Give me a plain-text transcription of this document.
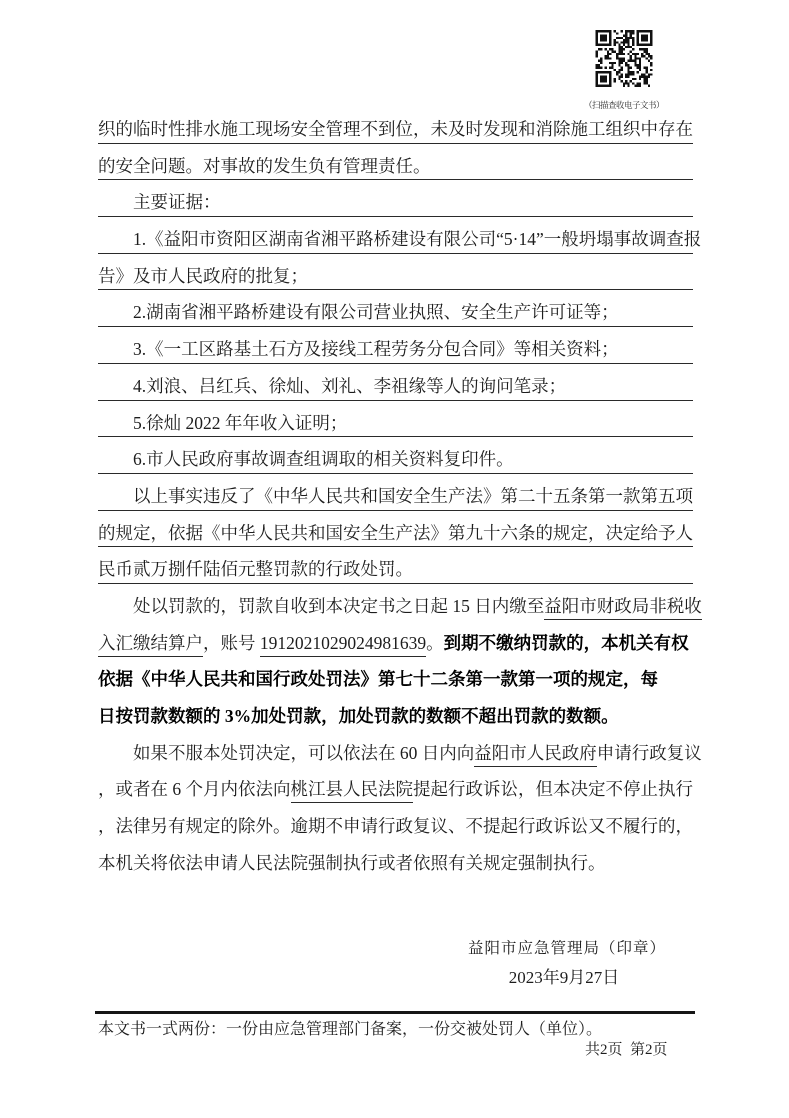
（扫描查收电子文书）
织的临时性排水施工现场安全管理不到位，未及时发现和消除施工组织中存在
的安全问题。对事故的发生负有管理责任。
主要证据：
1.《益阳市资阳区湖南省湘平路桥建设有限公司“5·14”一般坍塌事故调查报
告》及市人民政府的批复；
2.湖南省湘平路桥建设有限公司营业执照、安全生产许可证等；
3.《一工区路基土石方及接线工程劳务分包合同》等相关资料；
4.刘浪、吕红兵、徐灿、刘礼、李祖缘等人的询问笔录；
5.徐灿 2022 年年收入证明；
6.市人民政府事故调查组调取的相关资料复印件。
以上事实违反了《中华人民共和国安全生产法》第二十五条第一款第五项
的规定，依据《中华人民共和国安全生产法》第九十六条的规定，决定给予人
民币贰万捌仟陆佰元整罚款的行政处罚。
处以罚款的，罚款自收到本决定书之日起 15 日内缴至益阳市财政局非税收
入汇缴结算户，账号 1912021029024981639。到期不缴纳罚款的，本机关有权
依据《中华人民共和国行政处罚法》第七十二条第一款第一项的规定，每
日按罚款数额的 3%加处罚款，加处罚款的数额不超出罚款的数额。
如果不服本处罚决定，可以依法在 60 日内向益阳市人民政府申请行政复议
，或者在 6 个月内依法向桃江县人民法院提起行政诉讼，但本决定不停止执行
，法律另有规定的除外。逾期不申请行政复议、不提起行政诉讼又不履行的，
本机关将依法申请人民法院强制执行或者依照有关规定强制执行。
益阳市应急管理局（印章）
2023年9月27日
本文书一式两份：一份由应急管理部门备案，一份交被处罚人（单位）。
共2页  第2页
